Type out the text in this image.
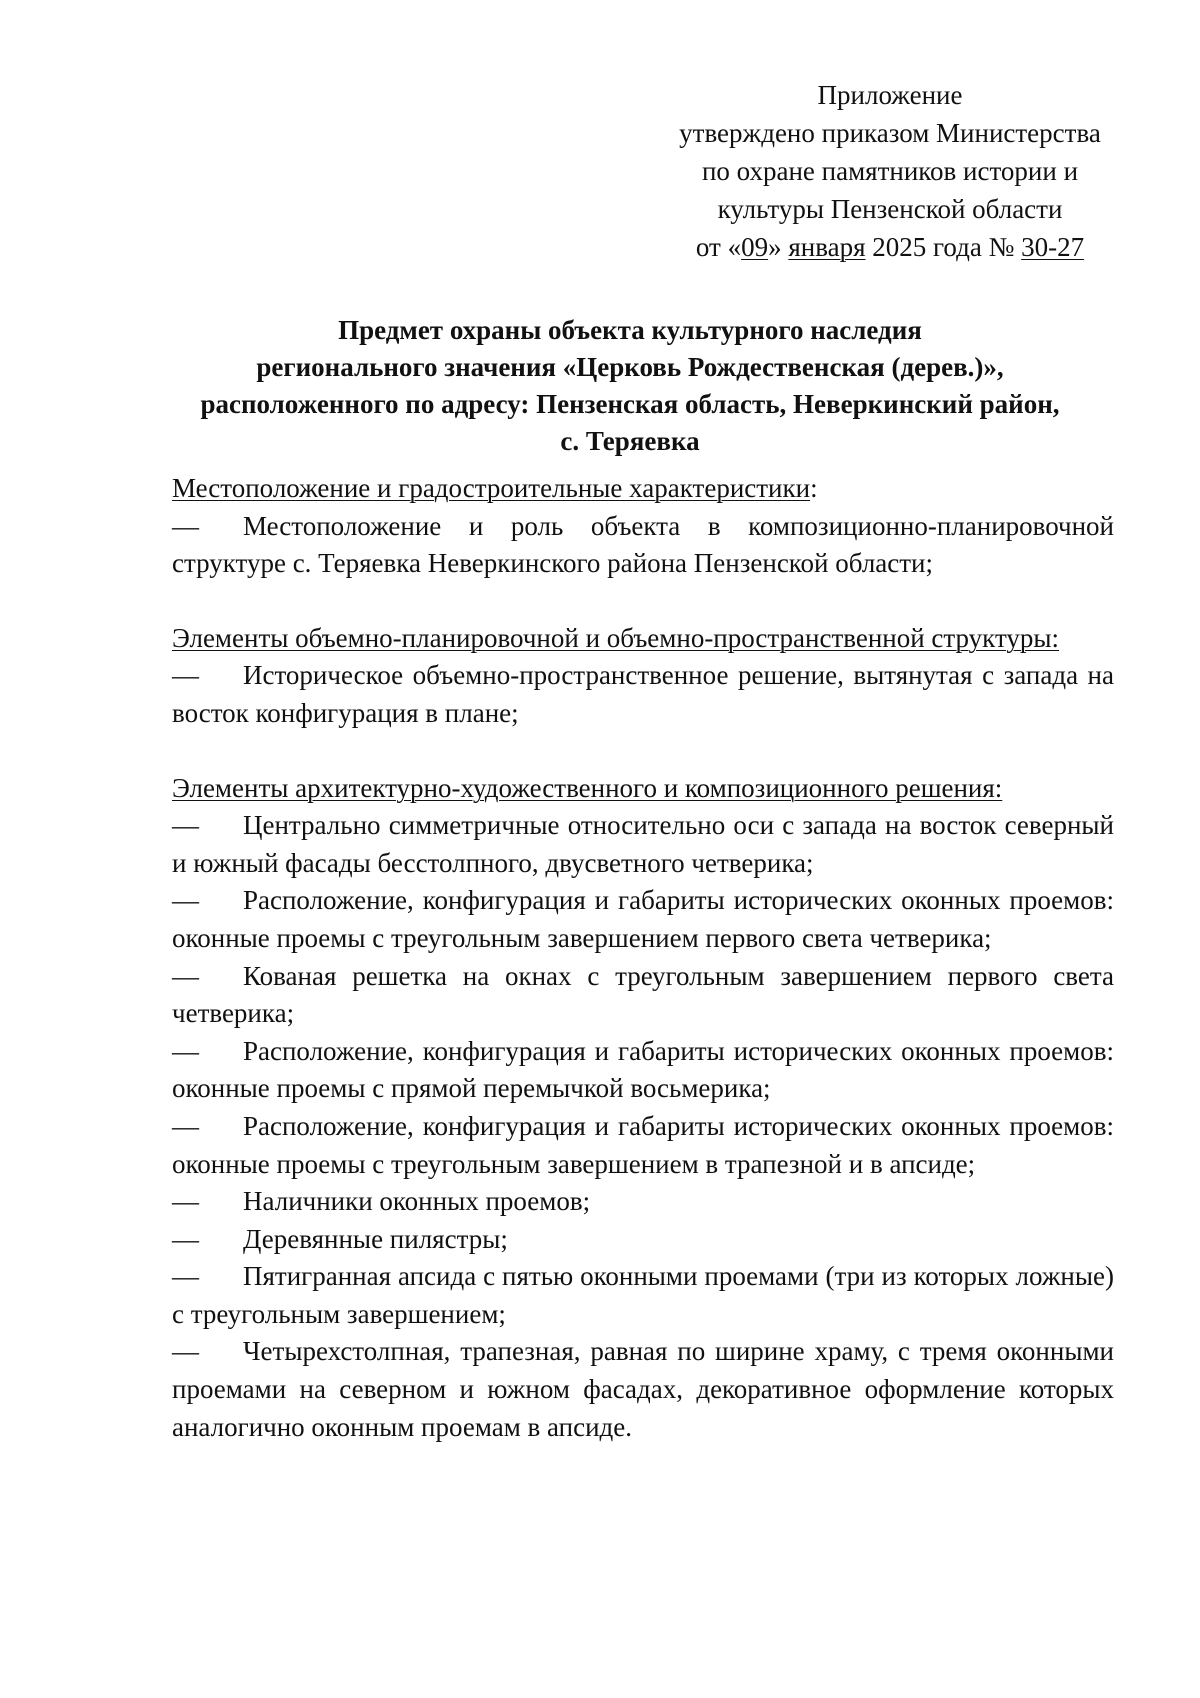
Приложение
утверждено приказом Министерства
по охране памятников истории и
культуры Пензенской области
от «09» января 2025 года № 30-27
Предмет охраны объекта культурного наследия
регионального значения «Церковь Рождественская (дерев.)»,
расположенного по адресу: Пензенская область, Неверкинский район,
с. Теряевка
Местоположение и градостроительные характеристики:
— Местоположение и роль объекта в композиционно-планировочной структуре с. Теряевка Неверкинского района Пензенской области;
Элементы объемно-планировочной и объемно-пространственной структуры:
— Историческое объемно-пространственное решение, вытянутая с запада на восток конфигурация в плане;
Элементы архитектурно-художественного и композиционного решения:
— Центрально симметричные относительно оси с запада на восток северный и южный фасады бесстолпного, двусветного четверика;
— Расположение, конфигурация и габариты исторических оконных проемов: оконные проемы с треугольным завершением первого света четверика;
— Кованая решетка на окнах с треугольным завершением первого света четверика;
— Расположение, конфигурация и габариты исторических оконных проемов: оконные проемы с прямой перемычкой восьмерика;
— Расположение, конфигурация и габариты исторических оконных проемов: оконные проемы с треугольным завершением в трапезной и в апсиде;
— Наличники оконных проемов;
— Деревянные пилястры;
— Пятигранная апсида с пятью оконными проемами (три из которых ложные) с треугольным завершением;
— Четырехстолпная, трапезная, равная по ширине храму, с тремя оконными проемами на северном и южном фасадах, декоративное оформление которых аналогично оконным проемам в апсиде.
